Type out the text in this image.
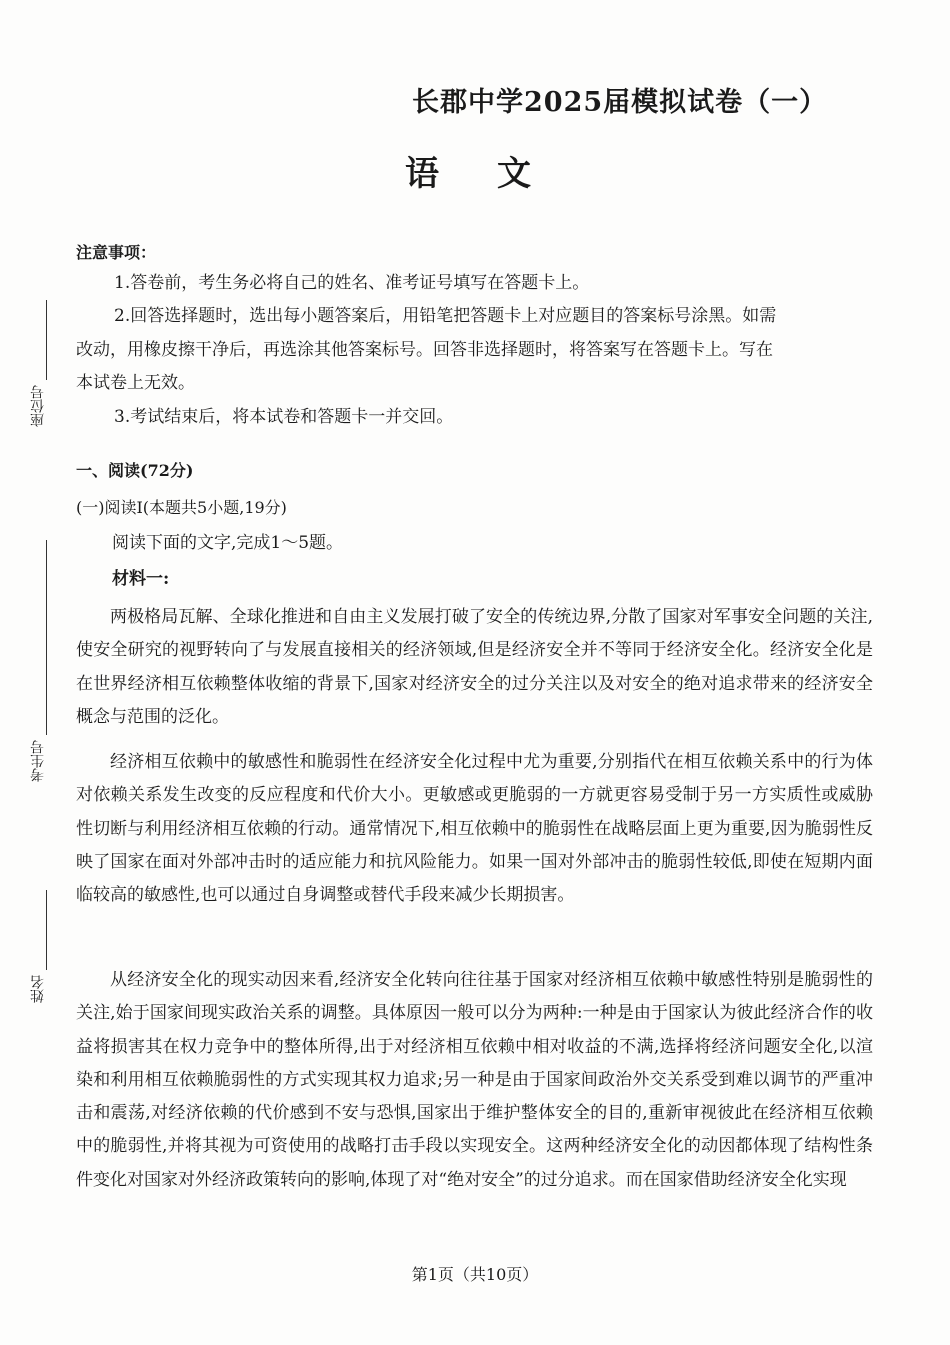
长郡中学2025届模拟试卷（一）
语文
注意事项：
1.答卷前，考生务必将自己的姓名、准考证号填写在答题卡上。
2.回答选择题时，选出每小题答案后，用铅笔把答题卡上对应题目的答案标号涂黑。如需
改动，用橡皮擦干净后，再选涂其他答案标号。回答非选择题时，将答案写在答题卡上。写在
本试卷上无效。
3.考试结束后，将本试卷和答题卡一并交回。
一、阅读(72分)
(一)阅读Ⅰ(本题共5小题,19分)
阅读下面的文字,完成1～5题。
材料一:

两极格局瓦解、全球化推进和自由主义发展打破了安全的传统边界,分散了国家对军事安全问题的关注,使安全研究的视野转向了与发展直接相关的经济领域,但是经济安全并不等同于经济安全化。经济安全化是在世界经济相互依赖整体收缩的背景下,国家对经济安全的过分关注以及对安全的绝对追求带来的经济安全概念与范围的泛化。

经济相互依赖中的敏感性和脆弱性在经济安全化过程中尤为重要,分别指代在相互依赖关系中的行为体对依赖关系发生改变的反应程度和代价大小。更敏感或更脆弱的一方就更容易受制于另一方实质性或威胁性切断与利用经济相互依赖的行动。通常情况下,相互依赖中的脆弱性在战略层面上更为重要,因为脆弱性反映了国家在面对外部冲击时的适应能力和抗风险能力。如果一国对外部冲击的脆弱性较低,即使在短期内面临较高的敏感性,也可以通过自身调整或替代手段来减少长期损害。

从经济安全化的现实动因来看,经济安全化转向往往基于国家对经济相互依赖中敏感性特别是脆弱性的关注,始于国家间现实政治关系的调整。具体原因一般可以分为两种:一种是由于国家认为彼此经济合作的收益将损害其在权力竞争中的整体所得,出于对经济相互依赖中相对收益的不满,选择将经济问题安全化,以渲染和利用相互依赖脆弱性的方式实现其权力追求;另一种是由于国家间政治外交关系受到难以调节的严重冲击和震荡,对经济依赖的代价感到不安与恐惧,国家出于维护整体安全的目的,重新审视彼此在经济相互依赖中的脆弱性,并将其视为可资使用的战略打击手段以实现安全。这两种经济安全化的动因都体现了结构性条件变化对国家对外经济政策转向的影响,体现了对“绝对安全”的过分追求。而在国家借助经济安全化实现

座位号
考生号
姓名
第1页（共10页）
